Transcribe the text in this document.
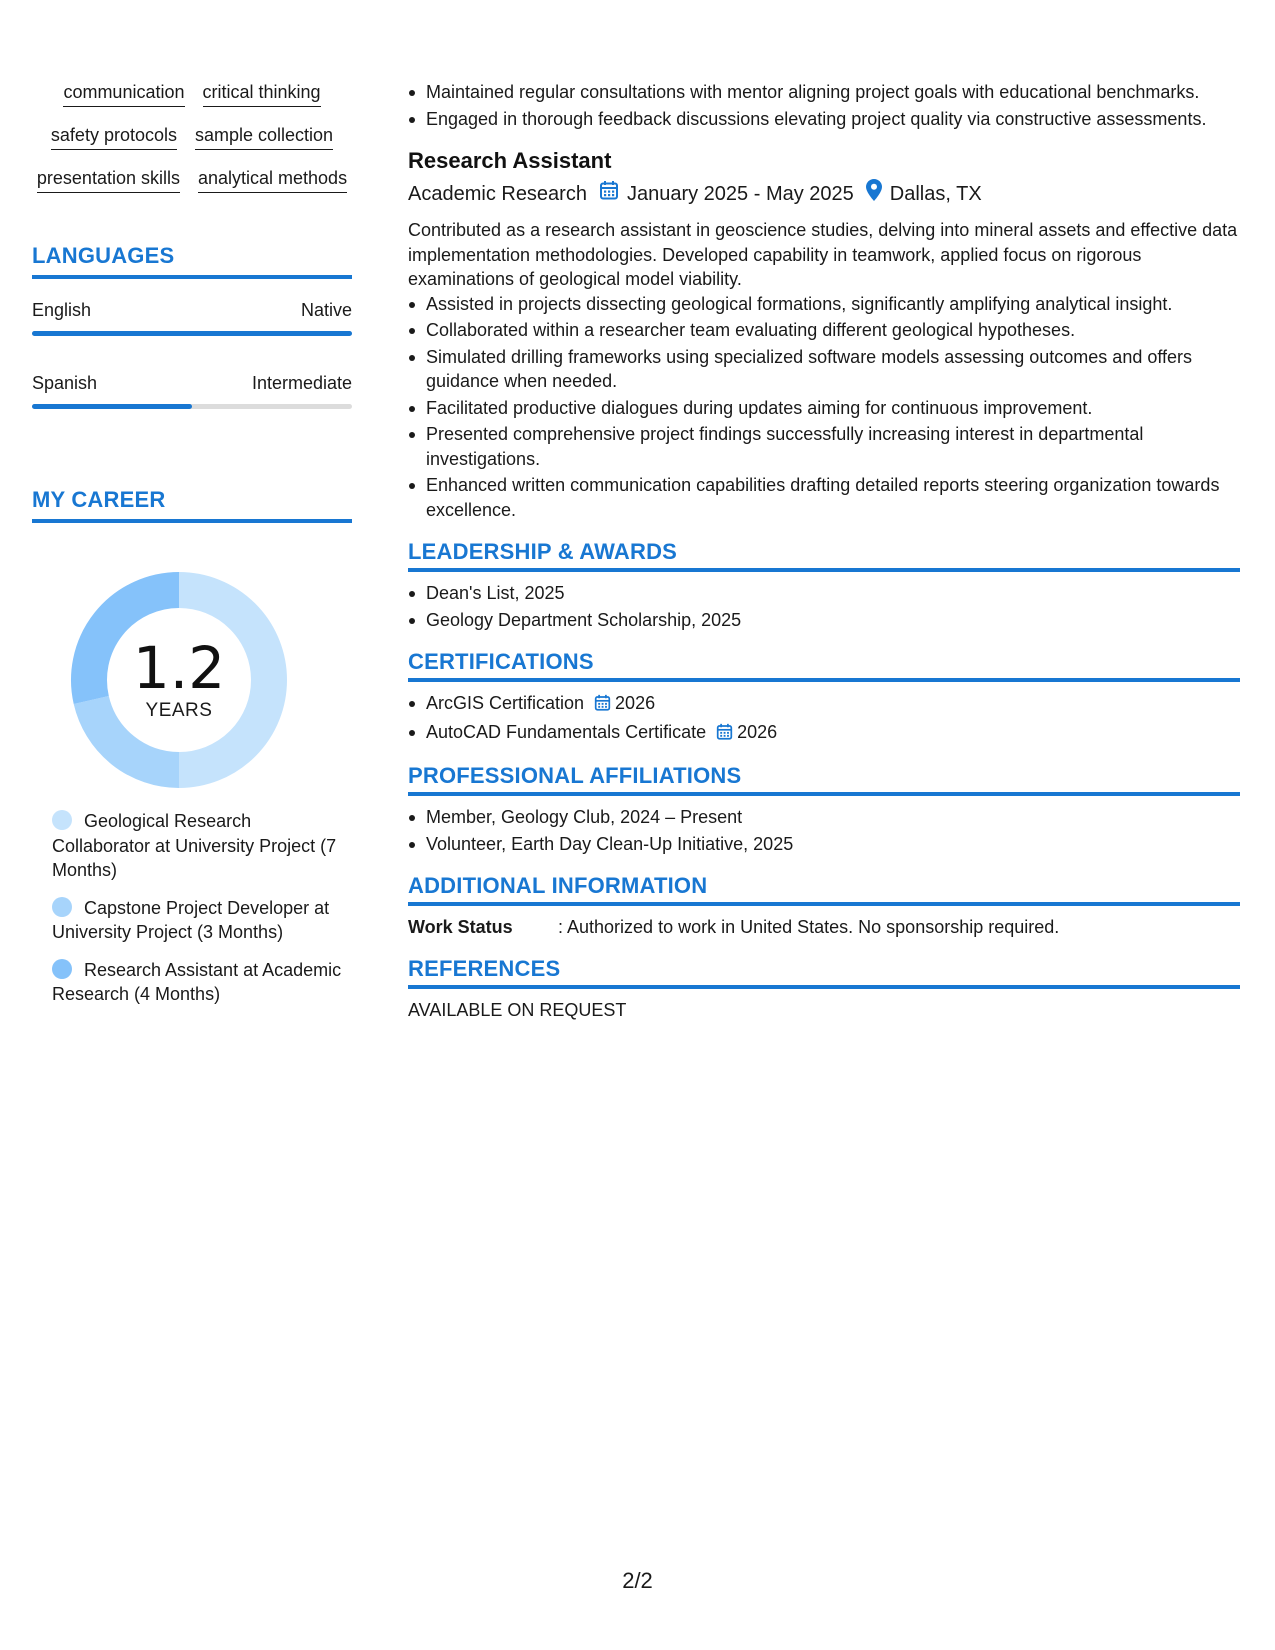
communication critical thinking
safety protocols sample collection
presentation skills analytical methods
LANGUAGES
English	Native
Spanish	Intermediate
MY CAREER
1.2
YEARS
Geological Research Collaborator at University Project (7 Months)
Capstone Project Developer at University Project (3 Months)
Research Assistant at Academic Research (4 Months)
Maintained regular consultations with mentor aligning project goals with educational benchmarks.
Engaged in thorough feedback discussions elevating project quality via constructive assessments.
Research Assistant
Academic Research January 2025 - May 2025 Dallas, TX
Contributed as a research assistant in geoscience studies, delving into mineral assets and effective data implementation methodologies. Developed capability in teamwork, applied focus on rigorous examinations of geological model viability.
Assisted in projects dissecting geological formations, significantly amplifying analytical insight.
Collaborated within a researcher team evaluating different geological hypotheses.
Simulated drilling frameworks using specialized software models assessing outcomes and offers guidance when needed.
Facilitated productive dialogues during updates aiming for continuous improvement.
Presented comprehensive project findings successfully increasing interest in departmental investigations.
Enhanced written communication capabilities drafting detailed reports steering organization towards excellence.
LEADERSHIP & AWARDS
Dean's List, 2025
Geology Department Scholarship, 2025
CERTIFICATIONS
ArcGIS Certification 2026
AutoCAD Fundamentals Certificate 2026
PROFESSIONAL AFFILIATIONS
Member, Geology Club, 2024 – Present
Volunteer, Earth Day Clean-Up Initiative, 2025
ADDITIONAL INFORMATION
Work Status	: Authorized to work in United States. No sponsorship required.
REFERENCES
AVAILABLE ON REQUEST
2/2
